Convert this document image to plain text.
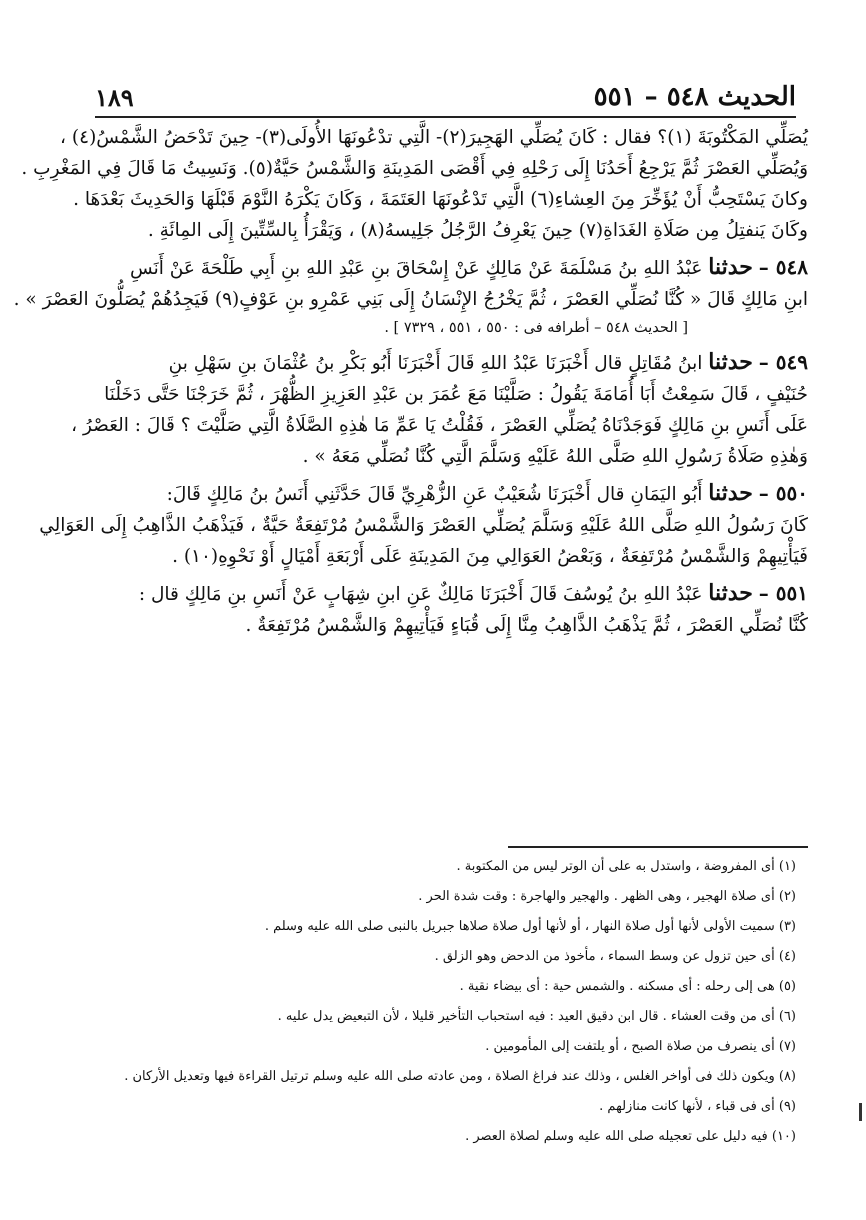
الحديث ٥٤٨ – ٥٥١
١٨٩
يُصَلِّي المَكْتُوبَةَ (١)؟ فقال : كَانَ يُصَلِّي الهَجِيرَ(٢)- الَّتِي تدْعُونَهَا الأُولَى(٣)- حِينَ تَدْحَضُ الشَّمْسُ(٤) ،
وَيُصَلِّي العَصْرَ ثُمَّ يَرْجِعُ أَحَدُنَا إِلَى رَحْلِهِ فِي أَقْصَى المَدِينَةِ وَالشَّمْسُ حَيَّةٌ(٥). وَنَسِيتُ مَا قَالَ فِي المَغْرِبِ .
وكانَ يَسْتَحِبُّ أَنْ يُؤَخِّرَ مِنَ العِشاءِ(٦) الَّتِي تَدْعُونَهَا العَتَمَةَ ، وَكَانَ يَكْرَهُ النَّوْمَ قَبْلَهَا وَالحَدِيثَ بَعْدَهَا .
وكَانَ يَنفتِلُ مِن صَلَاةِ الغَدَاةِ(٧) حِينَ يَعْرِفُ الرَّجُلُ جَلِيسهُ(٨) ، وَيَقْرَأُ بِالسِّتِّينَ إِلَى المِائَةِ .
٥٤٨ – حدثنا عَبْدُ اللهِ بنُ مَسْلَمَةَ عَنْ مَالِكٍ عَنْ إِسْحَاقَ بنِ عَبْدِ اللهِ بنِ أَبِي طَلْحَةَ عَنْ أَنَسِ
ابنِ مَالِكٍ قَالَ « كُنَّا نُصَلِّي العَصْرَ ، ثُمَّ يَخْرُجُ الإِنْسَانُ إِلَى بَنِي عَمْرِو بنِ عَوْفٍ(٩) فَيَجِدُهُمْ يُصَلُّونَ العَصْرَ » .
[ الحديث ٥٤٨ – أطرافه فى : ٥٥٠ ، ٥٥١ ، ٧٣٢٩ ] .
٥٤٩ – حدثنا ابنُ مُقَاتِلٍ قال أَخْبَرَنَا عَبْدُ اللهِ قَالَ أَخْبَرَنَا أَبُو بَكْرِ بنُ عُثْمَانَ بنِ سَهْلِ بنِ
حُنَيْفٍ ، قَالَ سَمِعْتُ أَبَا أُمَامَةَ يَقُولُ : صَلَّيْنَا مَعَ عُمَرَ بن عَبْدِ العَزِيزِ الظُّهْرَ ، ثُمَّ خَرَجْنَا حَتَّى دَخَلْنَا
عَلَى أَنَسِ بنِ مَالِكٍ فَوَجَدْنَاهُ يُصَلِّي العَصْرَ ، فَقُلْتُ يَا عَمِّ مَا هٰذِهِ الصَّلَاةُ الَّتِي صَلَّيْتَ ؟ قَالَ : العَصْرُ ،
وَهٰذِهِ صَلَاةُ رَسُولِ اللهِ صَلَّى اللهُ عَلَيْهِ وَسَلَّمَ الَّتِي كُنَّا نُصَلِّي مَعَهُ » .
٥٥٠ – حدثنا أَبُو اليَمَانِ قال أَخْبَرَنَا شُعَيْبٌ عَنِ الزُّهْرِيِّ قَالَ حَدَّثَنِي أَنَسُ بنُ مَالِكٍ قَالَ:
كَانَ رَسُولُ اللهِ صَلَّى اللهُ عَلَيْهِ وَسَلَّمَ يُصَلِّي العَصْرَ وَالشَّمْسُ مُرْتَفِعَةٌ حَيَّةٌ ، فَيَذْهَبُ الذَّاهِبُ إِلَى العَوَالِي
فَيَأْتِيهِمْ وَالشَّمْسُ مُرْتَفِعَةٌ ، وَبَعْضُ العَوَالِي مِنَ المَدِينَةِ عَلَى أَرْبَعَةِ أَمْيَالٍ أَوْ نَحْوِهِ(١٠) .
٥٥١ – حدثنا عَبْدُ اللهِ بنُ يُوسُفَ قَالَ أَخْبَرَنَا مَالِكٌ عَنِ ابنِ شِهَابٍ عَنْ أَنَسِ بنِ مَالِكٍ قال :
كُنَّا نُصَلِّي العَصْرَ ، ثُمَّ يَذْهَبُ الذَّاهِبُ مِنَّا إِلَى قُبَاءٍ فَيَأْتِيهِمْ وَالشَّمْسُ مُرْتَفِعَةٌ .
(١) أى المفروضة ، واستدل به على أن الوتر ليس من المكتوبة .
(٢) أى صلاة الهجير ، وهى الظهر . والهجير والهاجرة : وقت شدة الحر .
(٣) سميت الأولى لأنها أول صلاة النهار ، أو لأنها أول صلاة صلاها جبريل بالنبى صلى الله عليه وسلم .
(٤) أى حين تزول عن وسط السماء ، مأخوذ من الدحض وهو الزلق .
(٥) هى إلى رحله : أى مسكنه . والشمس حية : أى بيضاء نقية .
(٦) أى من وقت العشاء . قال ابن دقيق العيد : فيه استحباب التأخير قليلا ، لأن التبعيض يدل عليه .
(٧) أى ينصرف من صلاة الصبح ، أو يلتفت إلى المأمومين .
(٨) ويكون ذلك فى أواخر الغلس ، وذلك عند فراغ الصلاة ، ومن عادته صلى الله عليه وسلم ترتيل القراءة فيها وتعديل الأركان .
(٩) أى فى قباء ، لأنها كانت منازلهم .
(١٠) فيه دليل على تعجيله صلى الله عليه وسلم لصلاة العصر .
